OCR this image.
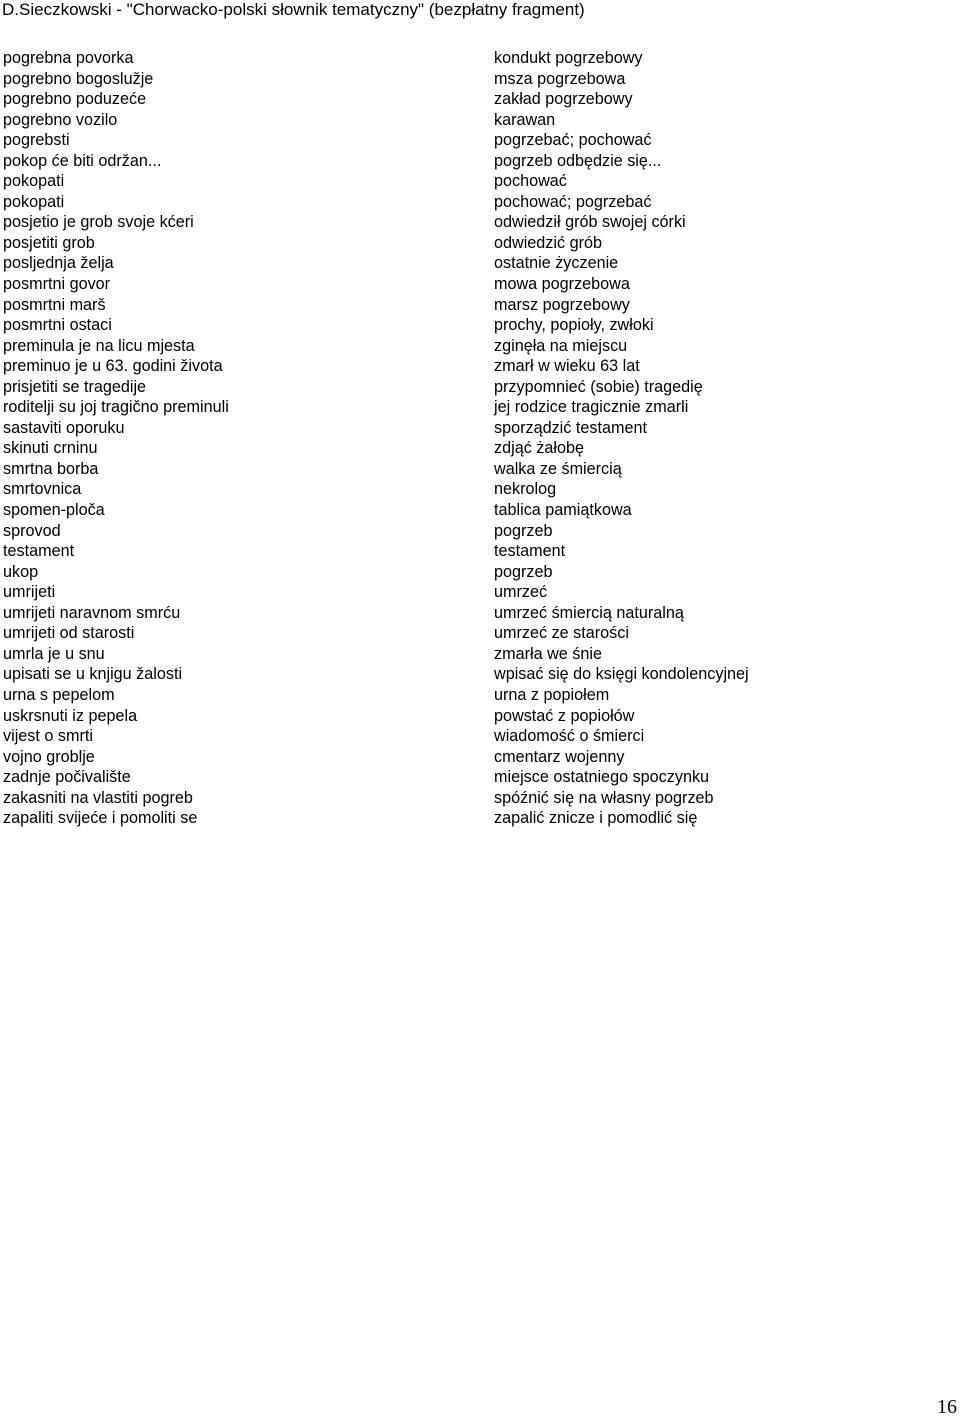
D.Sieczkowski - "Chorwacko-polski słownik tematyczny" (bezpłatny fragment)
pogrebna povorka
pogrebno bogoslužje
pogrebno poduzeće
pogrebno vozilo
pogrebsti
pokop će biti održan...
pokopati
pokopati
posjetio je grob svoje kćeri
posjetiti grob
posljednja želja
posmrtni govor
posmrtni marš
posmrtni ostaci
preminula je na licu mjesta
preminuo je u 63. godini života
prisjetiti se tragedije
roditelji su joj tragično preminuli
sastaviti oporuku
skinuti crninu
smrtna borba
smrtovnica
spomen-ploča
sprovod
testament
ukop
umrijeti
umrijeti naravnom smrću
umrijeti od starosti
umrla je u snu
upisati se u knjigu žalosti
urna s pepelom
uskrsnuti iz pepela
vijest o smrti
vojno groblje
zadnje počivalište
zakasniti na vlastiti pogreb
zapaliti svijeće i pomoliti se
kondukt pogrzebowy
msza pogrzebowa
zakład pogrzebowy
karawan
pogrzebać; pochować
pogrzeb odbędzie się...
pochować
pochować; pogrzebać
odwiedził grób swojej córki
odwiedzić grób
ostatnie życzenie
mowa pogrzebowa
marsz pogrzebowy
prochy, popioły, zwłoki
zginęła na miejscu
zmarł w wieku 63 lat
przypomnieć (sobie) tragedię
jej rodzice tragicznie zmarli
sporządzić testament
zdjąć żałobę
walka ze śmiercią
nekrolog
tablica pamiątkowa
pogrzeb
testament
pogrzeb
umrzeć
umrzeć śmiercią naturalną
umrzeć ze starości
zmarła we śnie
wpisać się do księgi kondolencyjnej
urna z popiołem
powstać z popiołów
wiadomość o śmierci
cmentarz wojenny
miejsce ostatniego spoczynku
spóźnić się na własny pogrzeb
zapalić znicze i pomodlić się
16
